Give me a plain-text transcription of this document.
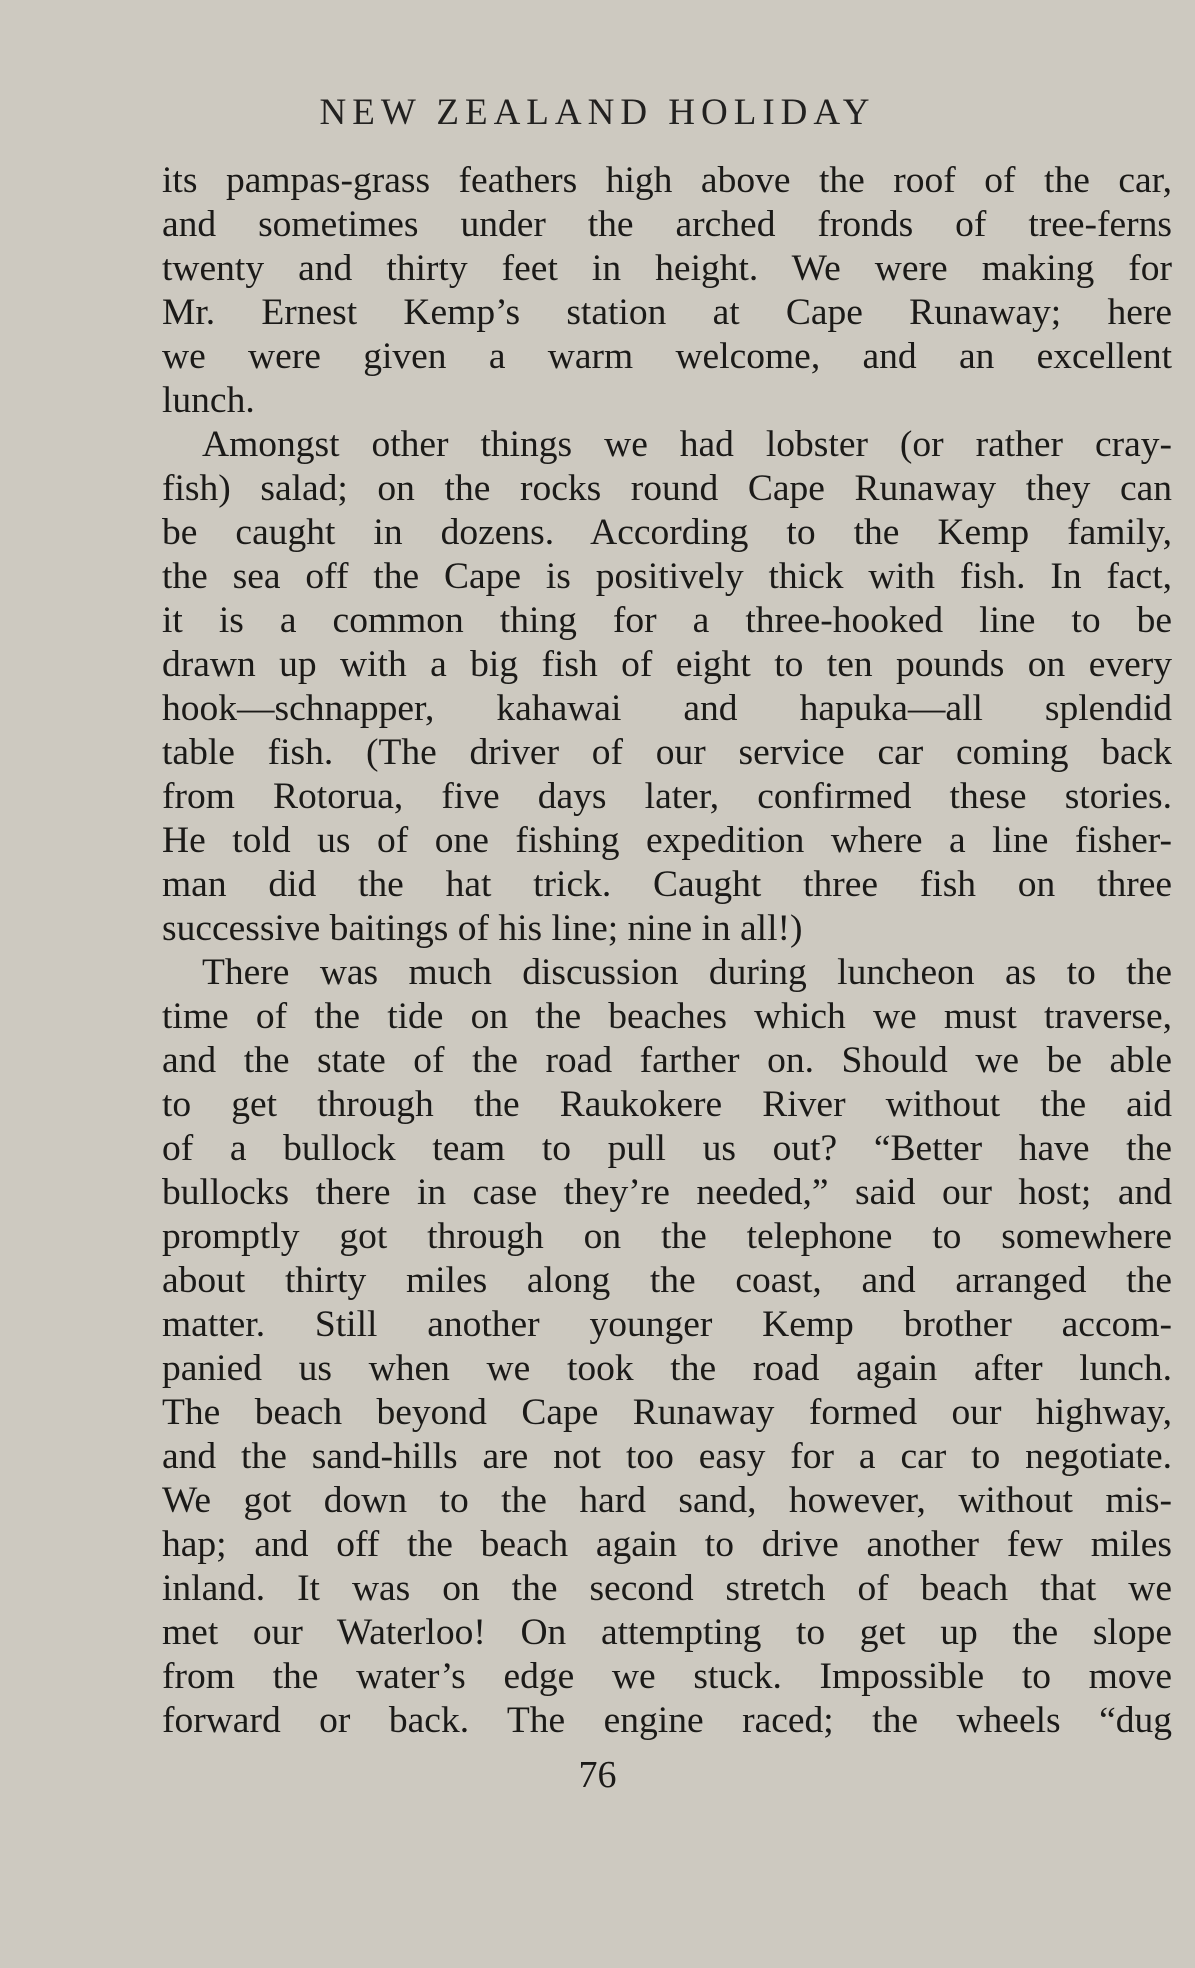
NEW ZEALAND HOLIDAY
its pampas-grass feathers high above the roof of the car,
and sometimes under the arched fronds of tree-ferns
twenty and thirty feet in height. We were making for
Mr. Ernest Kemp’s station at Cape Runaway; here
we were given a warm welcome, and an excellent
lunch.
Amongst other things we had lobster (or rather cray-
fish) salad; on the rocks round Cape Runaway they can
be caught in dozens. According to the Kemp family,
the sea off the Cape is positively thick with fish. In fact,
it is a common thing for a three-hooked line to be
drawn up with a big fish of eight to ten pounds on every
hook—schnapper, kahawai and hapuka—all splendid
table fish. (The driver of our service car coming back
from Rotorua, five days later, confirmed these stories.
He told us of one fishing expedition where a line fisher-
man did the hat trick. Caught three fish on three
successive baitings of his line; nine in all!)
There was much discussion during luncheon as to the
time of the tide on the beaches which we must traverse,
and the state of the road farther on. Should we be able
to get through the Raukokere River without the aid
of a bullock team to pull us out? “Better have the
bullocks there in case they’re needed,” said our host; and
promptly got through on the telephone to somewhere
about thirty miles along the coast, and arranged the
matter. Still another younger Kemp brother accom-
panied us when we took the road again after lunch.
The beach beyond Cape Runaway formed our highway,
and the sand-hills are not too easy for a car to negotiate.
We got down to the hard sand, however, without mis-
hap; and off the beach again to drive another few miles
inland. It was on the second stretch of beach that we
met our Waterloo! On attempting to get up the slope
from the water’s edge we stuck. Impossible to move
forward or back. The engine raced; the wheels “dug
76
